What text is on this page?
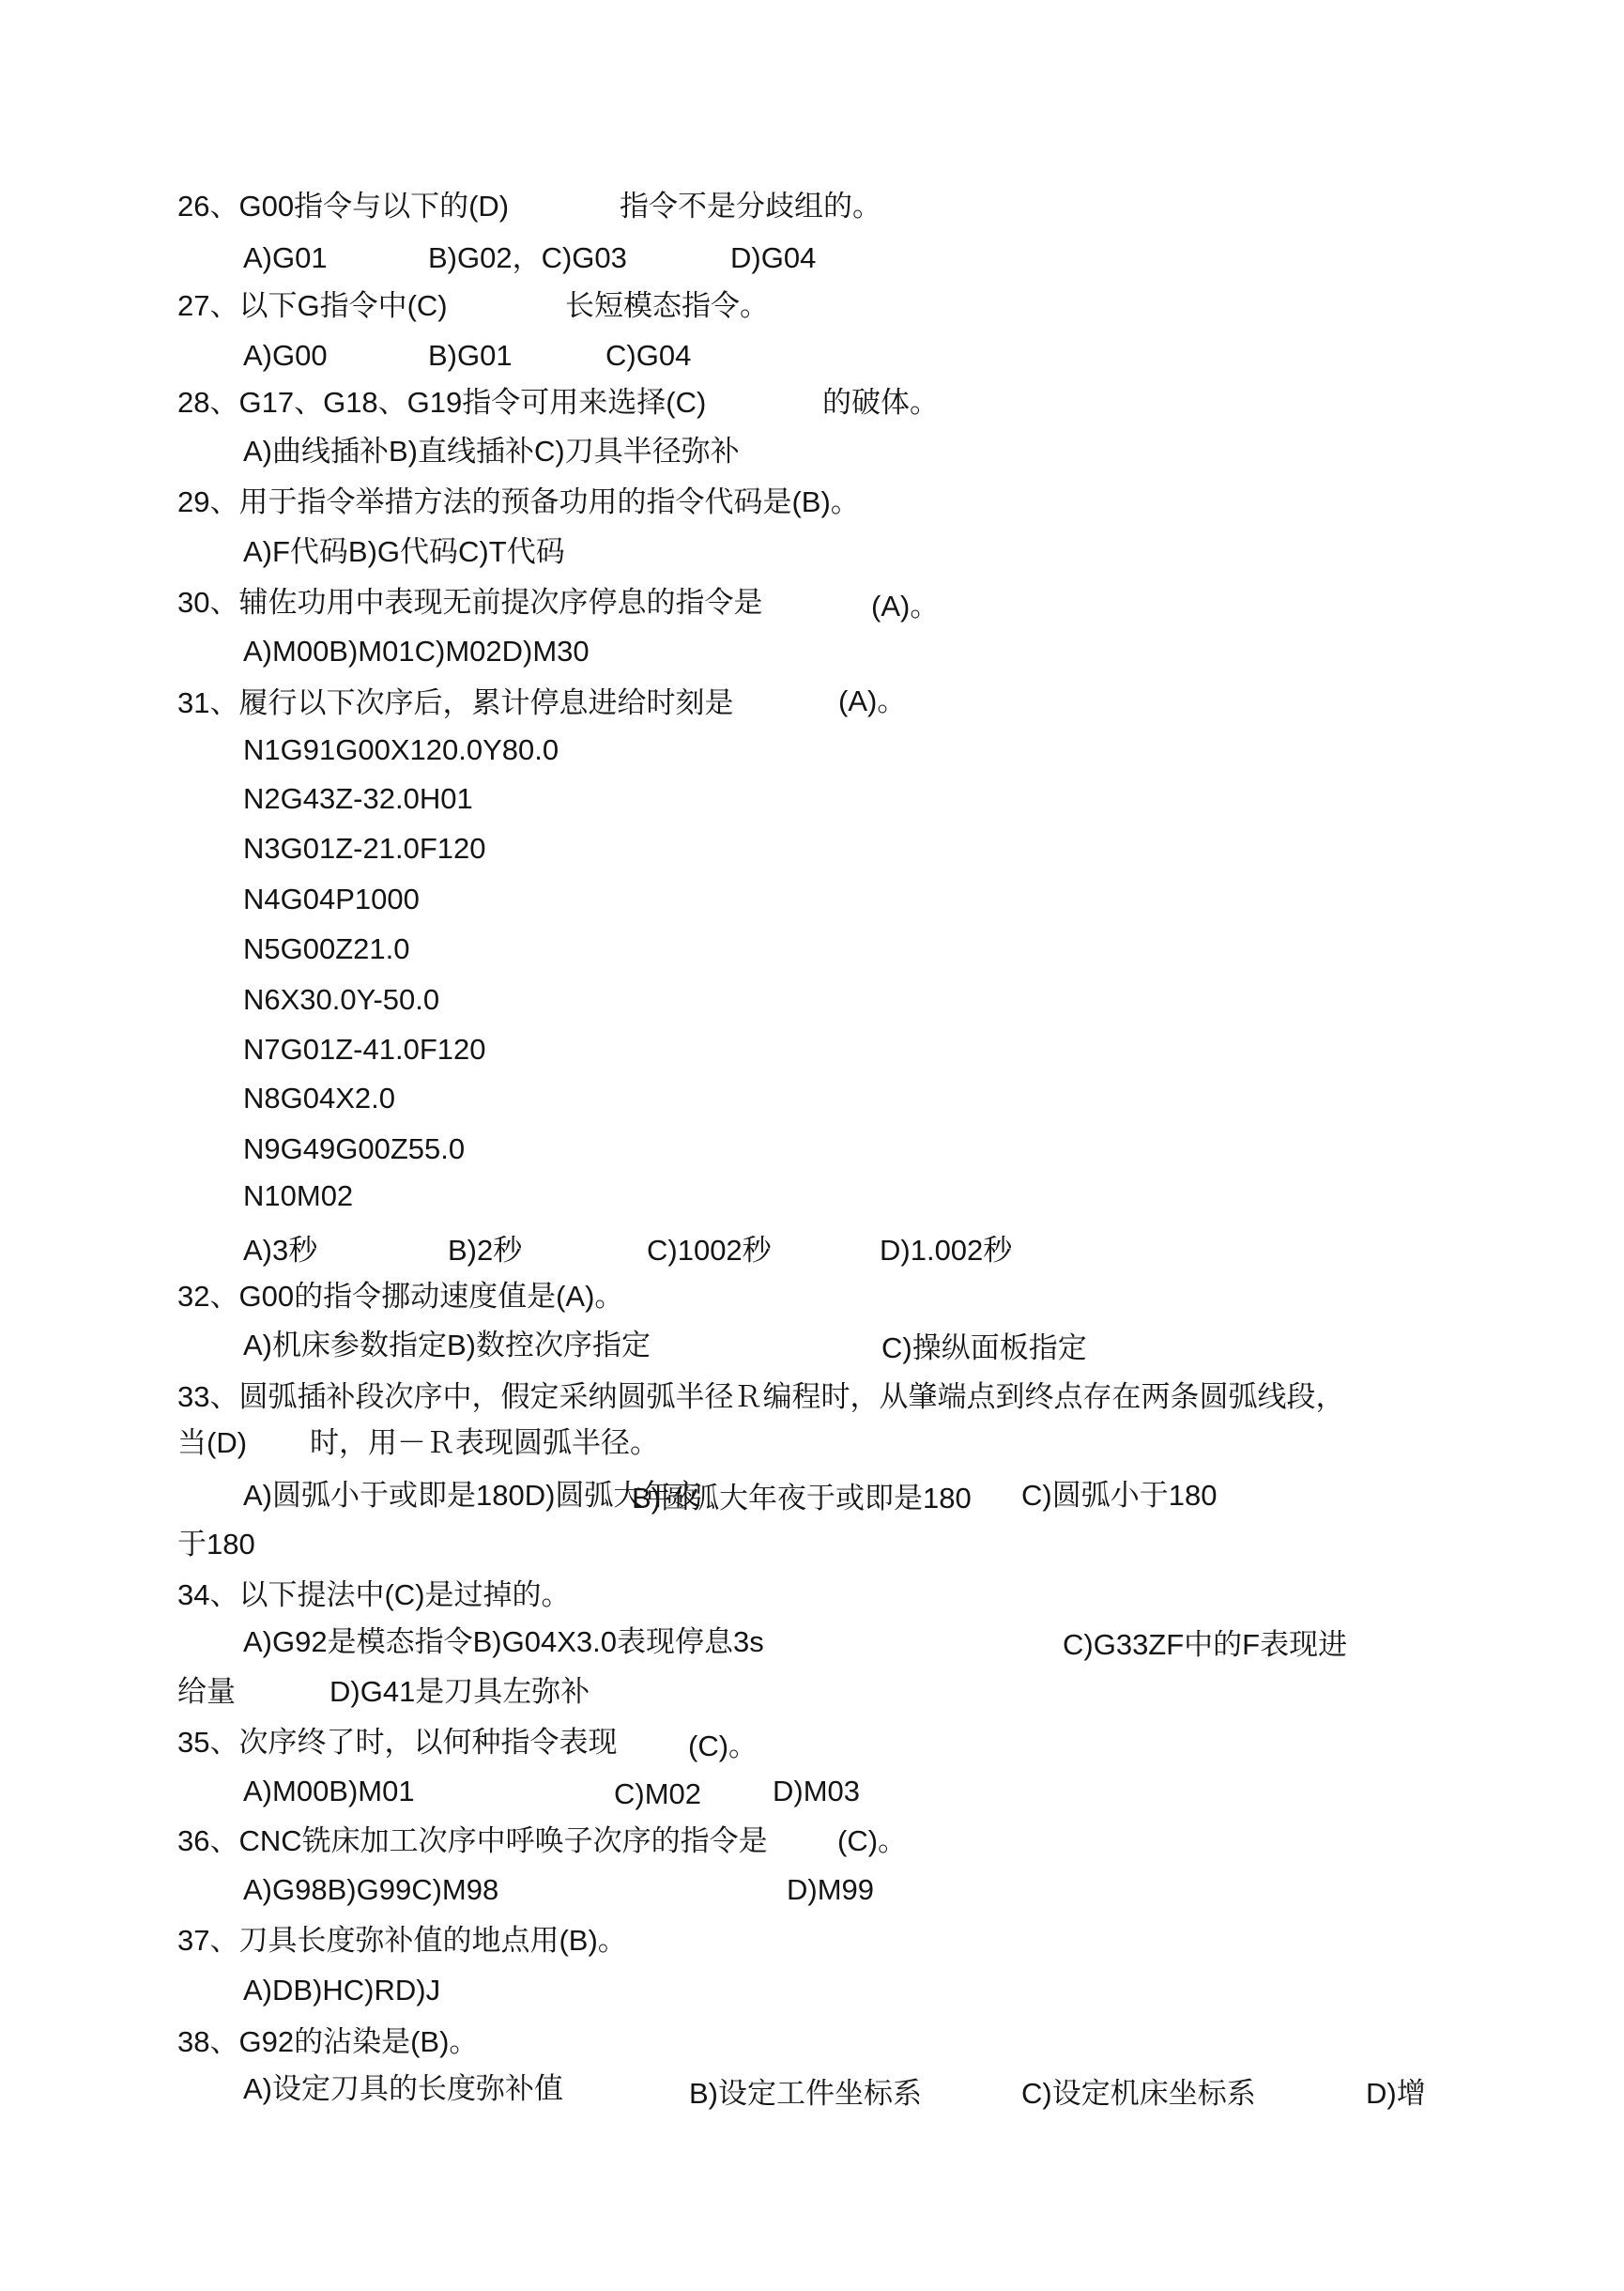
26、G00指令与以下的(D)	指令不是分歧组的。
A)G01	B)G02，C)G03	D)G04
27、以下G指令中(C)	长短模态指令。
A)G00	B)G01	C)G04
28、G17、G18、G19指令可用来选择(C)	的破体。
A)曲线插补B)直线插补C)刀具半径弥补
29、用于指令举措方法的预备功用的指令代码是(B)。
A)F代码B)G代码C)T代码
30、辅佐功用中表现无前提次序停息的指令是	(A)。
A)M00B)M01C)M02D)M30
31、履行以下次序后，累计停息进给时刻是	(A)。
N1G91G00X120.0Y80.0
N2G43Z-32.0H01
N3G01Z-21.0F120
N4G04P1000
N5G00Z21.0
N6X30.0Y-50.0
N7G01Z-41.0F120
N8G04X2.0
N9G49G00Z55.0
N10M02
A)3秒	B)2秒	C)1002秒	D)1.002秒
32、G00的指令挪动速度值是(A)。
A)机床参数指定B)数控次序指定	C)操纵面板指定
33、圆弧插补段次序中，假定采纳圆弧半径Ｒ编程时，从肇端点到终点存在两条圆弧线段，
当(D) 时，用－Ｒ表现圆弧半径。
A)圆弧小于或即是180D)圆弧大年夜
B)圆弧大年夜于或即是180 C)圆弧小于180
于180
34、以下提法中(C)是过掉的。
A)G92是模态指令B)G04X3.0表现停息3s	C)G33ZF中的F表现进
给量	D)G41是刀具左弥补
35、次序终了时，以何种指令表现 (C)。
A)M00B)M01	C)M02 D)M03
36、CNC铣床加工次序中呼唤子次序的指令是 (C)。
A)G98B)G99C)M98	D)M99
37、刀具长度弥补值的地点用(B)。
A)DB)HC)RD)J
38、G92的沾染是(B)。
A)设定刀具的长度弥补值	B)设定工件坐标系	C)设定机床坐标系	D)增
